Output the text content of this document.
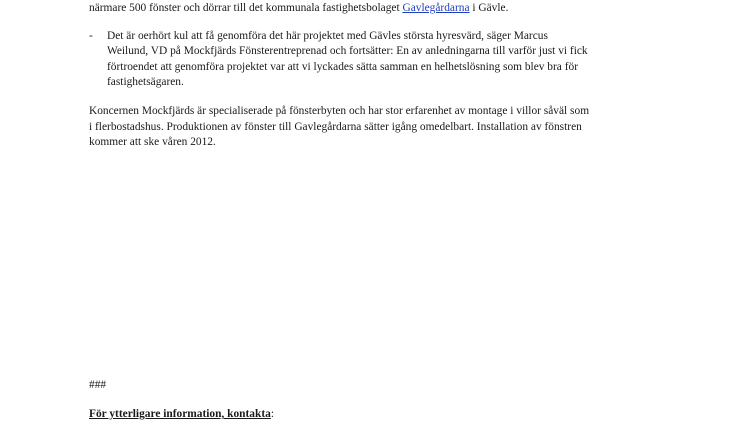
närmare 500 fönster och dörrar till det kommunala fastighetsbolaget Gavlegårdarna i Gävle.
- Det är oerhört kul att få genomföra det här projektet med Gävles största hyresvärd, säger Marcus
Weilund, VD på Mockfjärds Fönsterentreprenad och fortsätter: En av anledningarna till varför just vi fick
förtroendet att genomföra projektet var att vi lyckades sätta samman en helhetslösning som blev bra för
fastighetsägaren.
Koncernen Mockfjärds är specialiserade på fönsterbyten och har stor erfarenhet av montage i villor såväl som
i flerbostadshus. Produktionen av fönster till Gavlegårdarna sätter igång omedelbart. Installation av fönstren
kommer att ske våren 2012.
###
För ytterligare information, kontakta:
